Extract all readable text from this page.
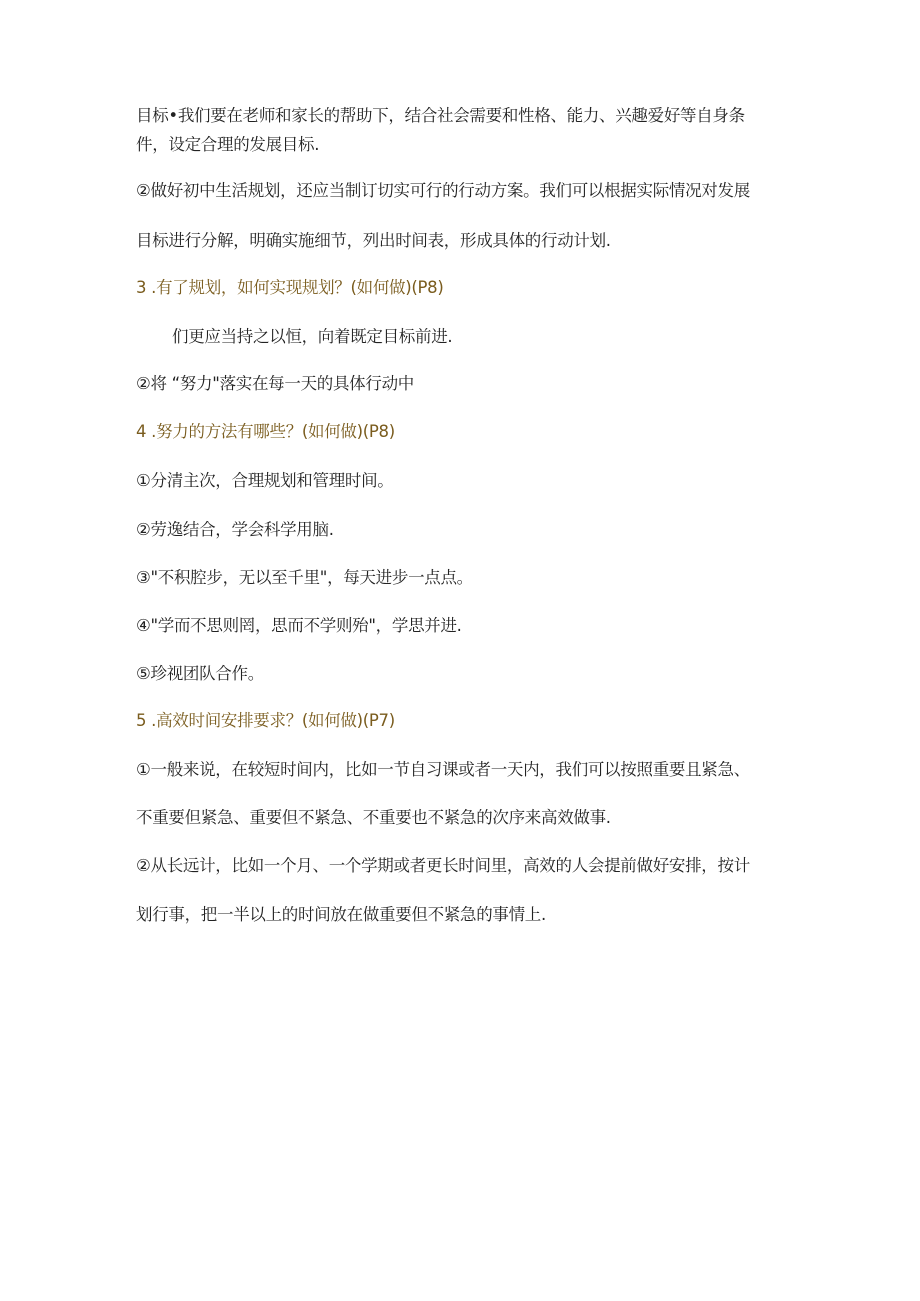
目标•我们要在老师和家长的帮助下，结合社会需要和性格、能力、兴趣爱好等自身条
件，设定合理的发展目标.
②做好初中生活规划，还应当制订切实可行的行动方案。我们可以根据实际情况对发展
目标进行分解，明确实施细节，列出时间表，形成具体的行动计划.
3 .有了规划，如何实现规划？(如何做)(P8)
们更应当持之以恒，向着既定目标前进.
②将 “努力"落实在每一天的具体行动中
4 .努力的方法有哪些？(如何做)(P8)
①分清主次，合理规划和管理时间。
②劳逸结合，学会科学用脑.
③"不积腔步，无以至千里"，每天进步一点点。
④"学而不思则罔，思而不学则殆"，学思并进.
⑤珍视团队合作。
5 .高效时间安排要求？(如何做)(P7)
①一般来说，在较短时间内，比如一节自习课或者一天内，我们可以按照重要且紧急、
不重要但紧急、重要但不紧急、不重要也不紧急的次序来高效做事.
②从长远计，比如一个月、一个学期或者更长时间里，高效的人会提前做好安排，按计
划行事，把一半以上的时间放在做重要但不紧急的事情上.
